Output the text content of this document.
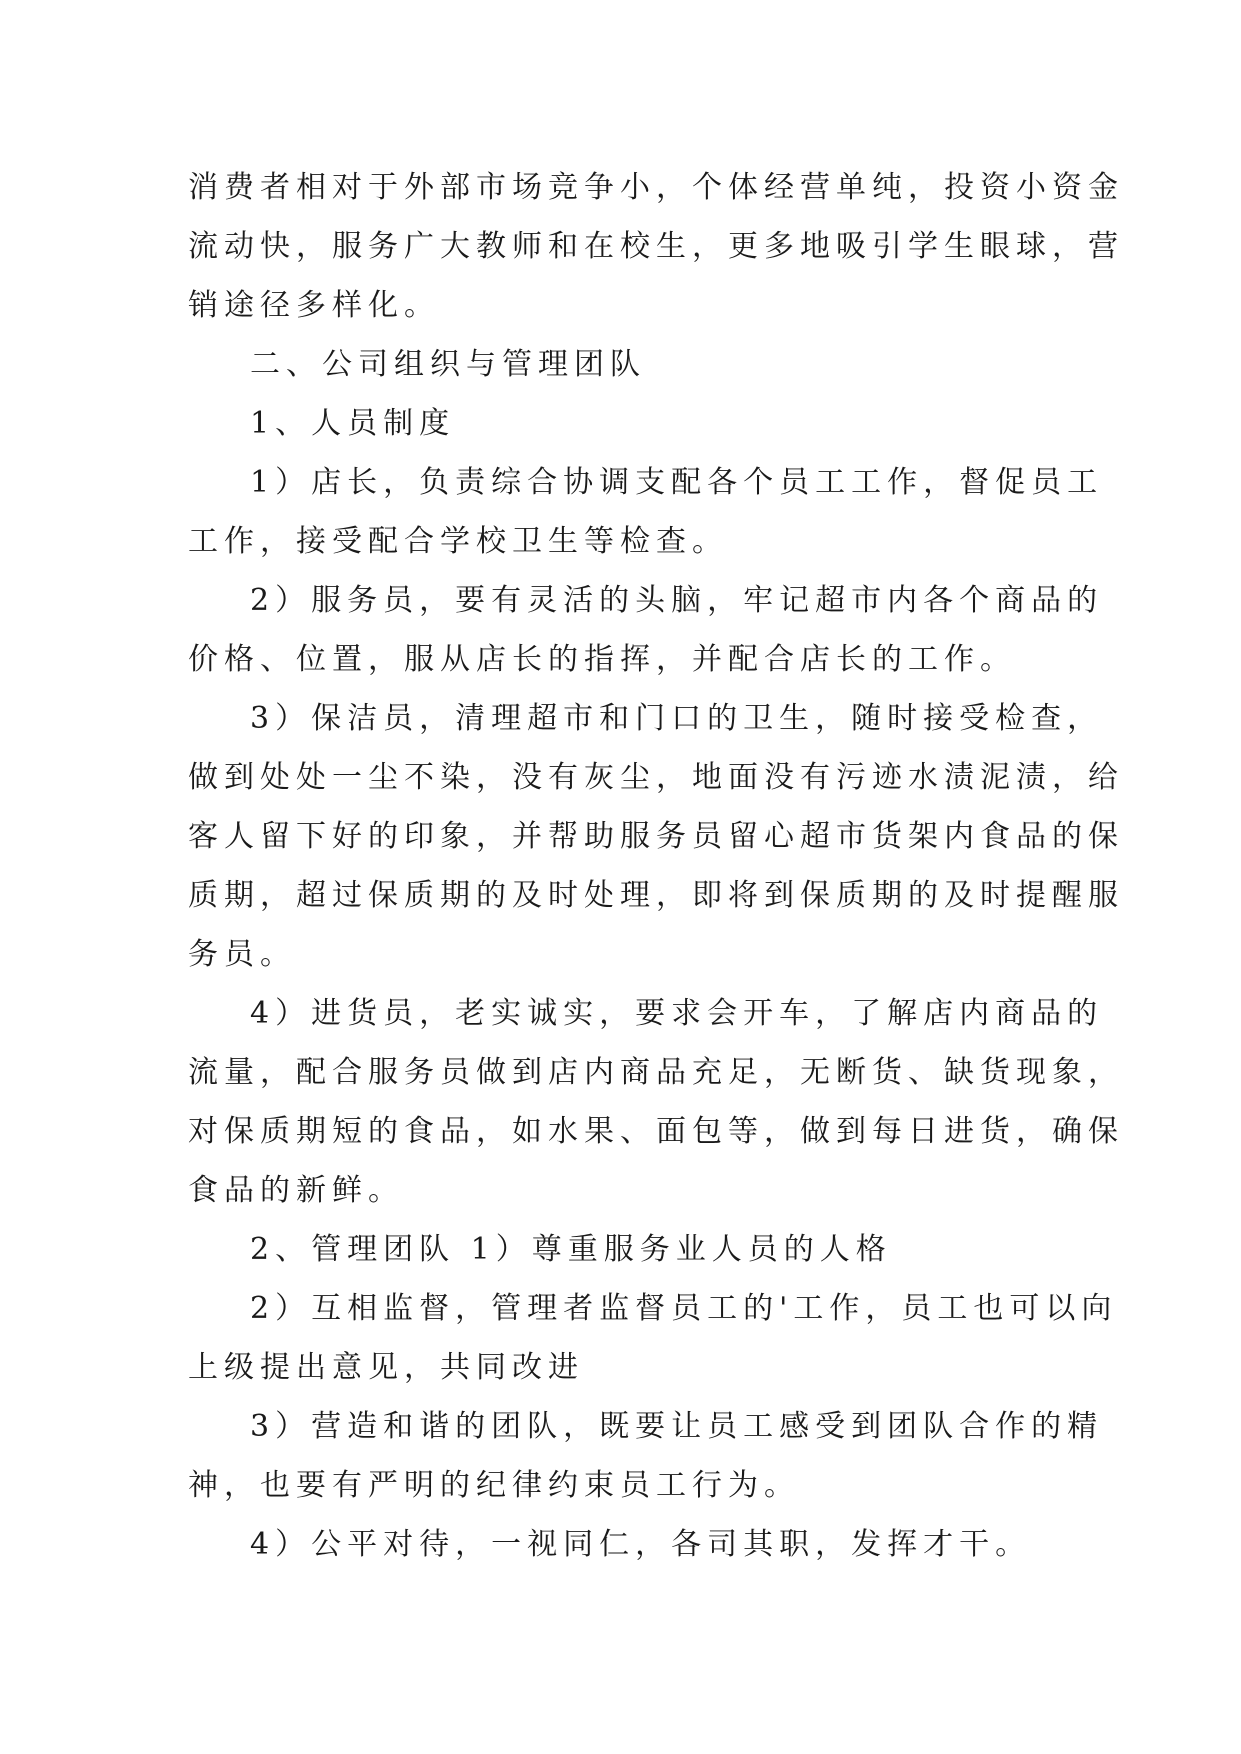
消费者相对于外部市场竞争小，个体经营单纯，投资小资金

流动快，服务广大教师和在校生，更多地吸引学生眼球，营

销途径多样化。

二、公司组织与管理团队

1、人员制度

1）店长，负责综合协调支配各个员工工作，督促员工

工作，接受配合学校卫生等检查。

2）服务员，要有灵活的头脑，牢记超市内各个商品的

价格、位置，服从店长的指挥，并配合店长的工作。

3）保洁员，清理超市和门口的卫生，随时接受检查，

做到处处一尘不染，没有灰尘，地面没有污迹水渍泥渍，给

客人留下好的印象，并帮助服务员留心超市货架内食品的保

质期，超过保质期的及时处理，即将到保质期的及时提醒服

务员。

4）进货员，老实诚实，要求会开车，了解店内商品的

流量，配合服务员做到店内商品充足，无断货、缺货现象，

对保质期短的食品，如水果、面包等，做到每日进货，确保

食品的新鲜。

2、管理团队 1）尊重服务业人员的人格

2）互相监督，管理者监督员工的'工作，员工也可以向

上级提出意见，共同改进

3）营造和谐的团队，既要让员工感受到团队合作的精

神，也要有严明的纪律约束员工行为。

4）公平对待，一视同仁，各司其职，发挥才干。
